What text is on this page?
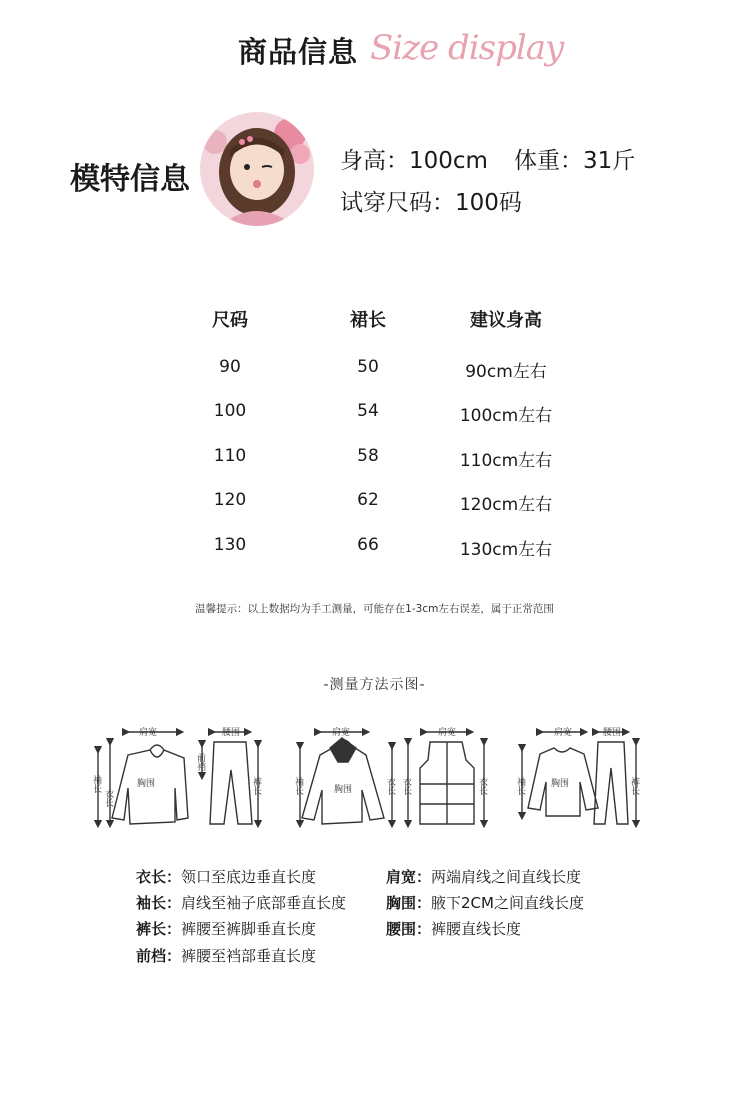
商品信息 Size display
模特信息
身高：100cm 体重：31斤
试穿尺码：100码
尺码	裙长	建议身高
90	50	90cm左右
100	54	100cm左右
110	58	110cm左右
120	62	120cm左右
130	66	130cm左右
温馨提示：以上数据均为手工测量，可能存在1-3cm左右误差，属于正常范围
-测量方法示图-
肩宽
胸围
腰围	肩宽
胸围
肩宽	肩宽
胸围
腰围
袖长
衣长
前裆
裤长	袖长	衣长 衣长	衣长	袖长	裤长
衣长：领口至底边垂直长度	肩宽：两端肩线之间直线长度
袖长：肩线至袖子底部垂直长度	胸围：腋下2CM之间直线长度
裤长：裤腰至裤脚垂直长度	腰围：裤腰直线长度
前档：裤腰至裆部垂直长度
